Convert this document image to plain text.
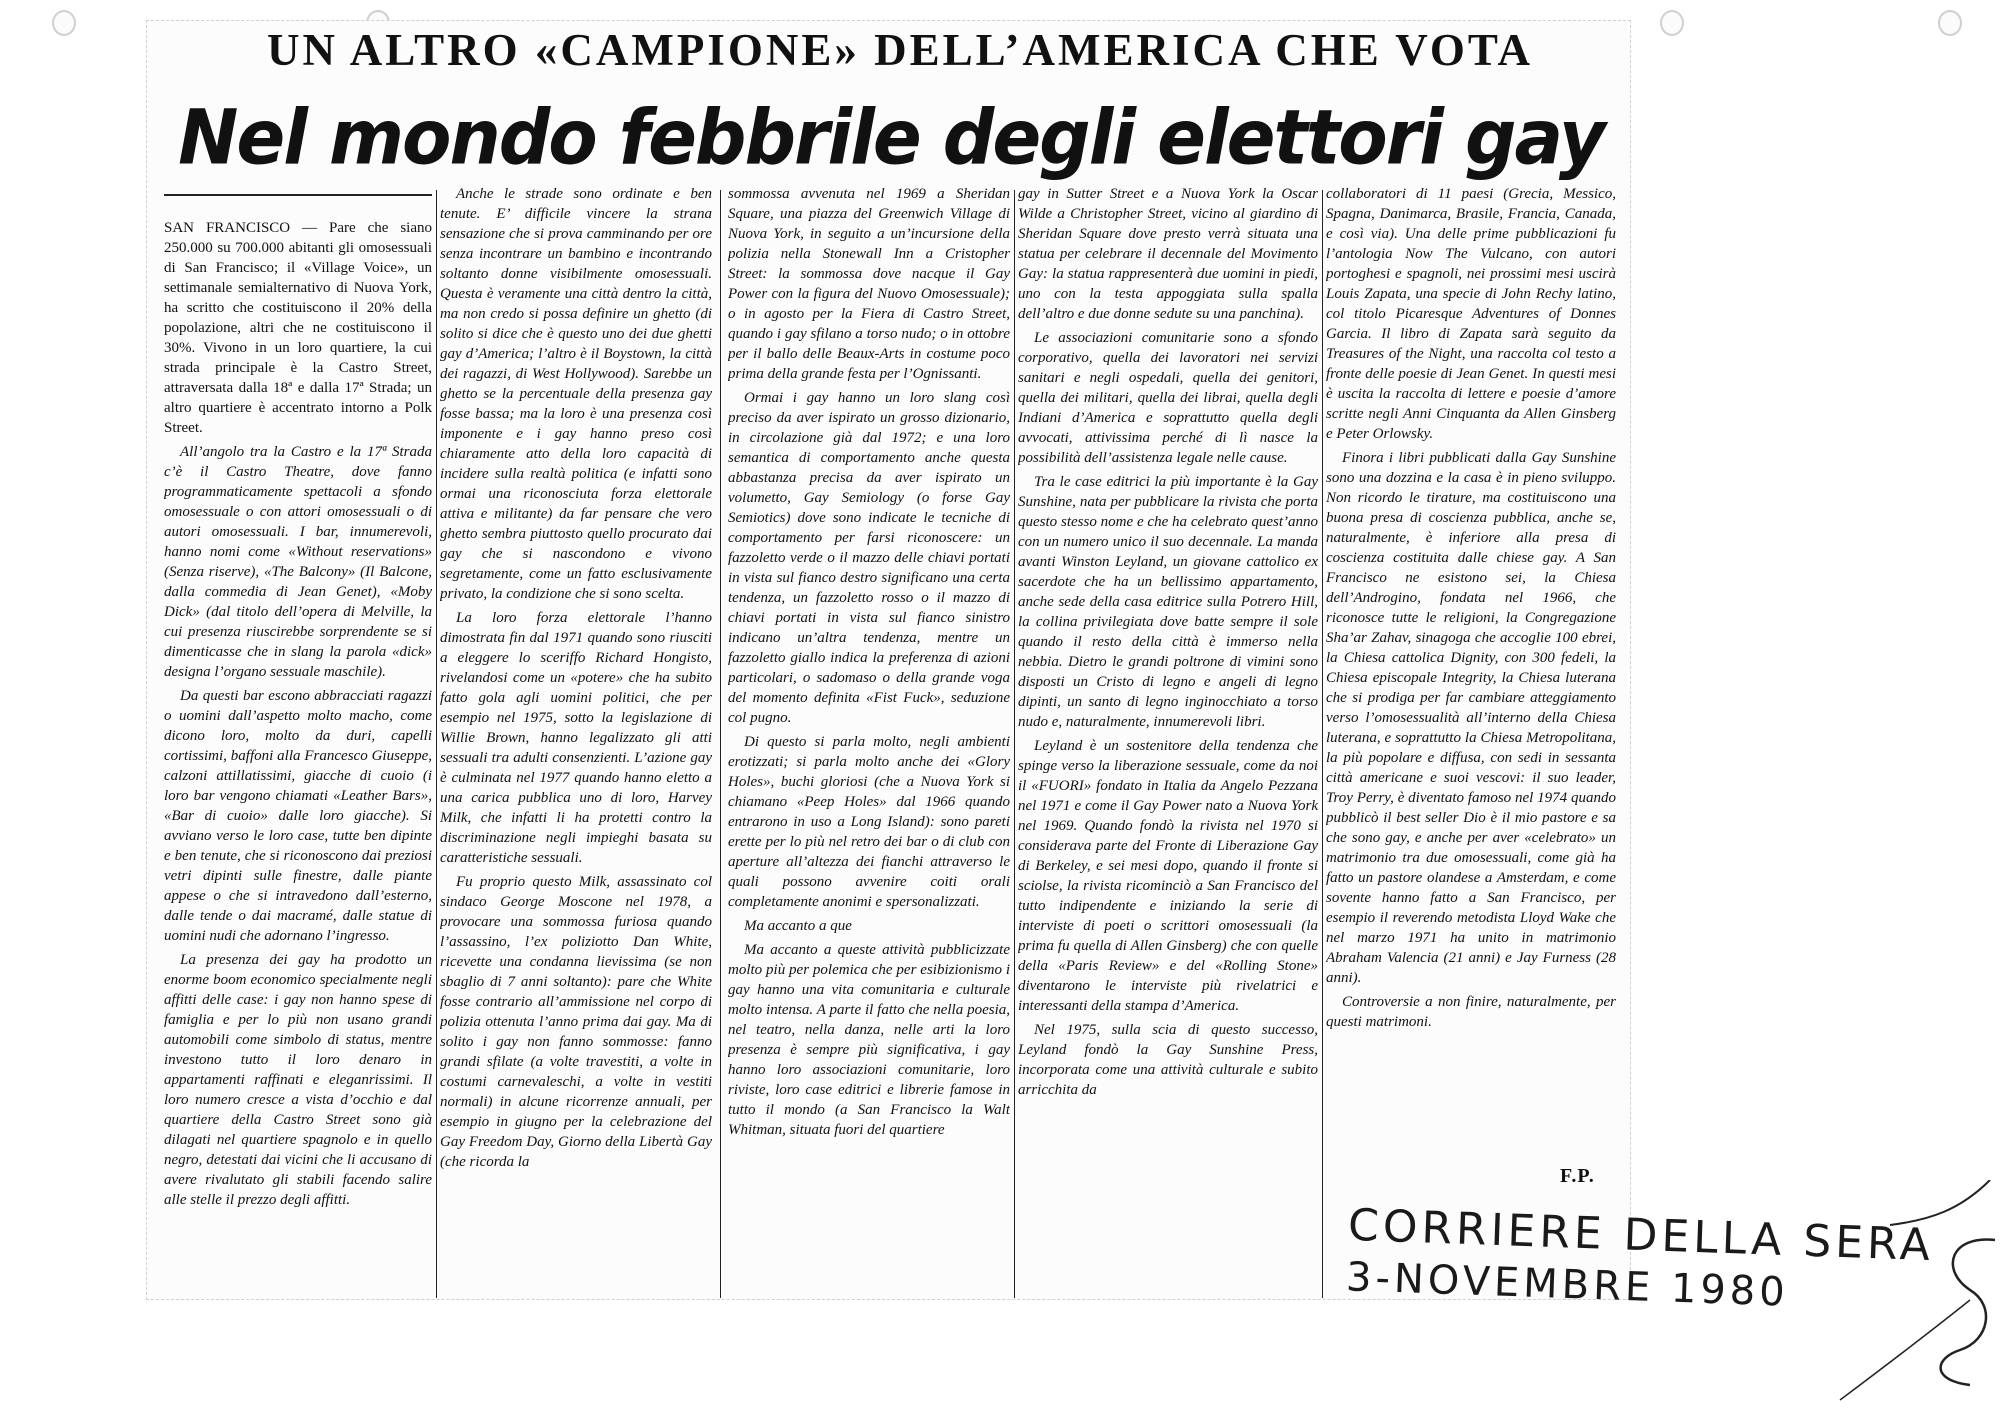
UN ALTRO «CAMPIONE» DELL’AMERICA CHE VOTA
Nel mondo febbrile degli elettori gay

SAN FRANCISCO — Pare che siano 250.000 su 700.000 abitanti gli omosessuali di San Francisco; il «Village Voice», un settimanale semialternativo di Nuova York, ha scritto che costituiscono il 20% della popolazione, altri che ne costituiscono il 30%. Vivono in un loro quartiere, la cui strada principale è la Castro Street, attraversata dalla 18ª e dalla 17ª Strada; un altro quartiere è accentrato intorno a Polk Street.

All’angolo tra la Castro e la 17ª Strada c’è il Castro Theatre, dove fanno programmaticamente spettacoli a sfondo omosessuale o con attori omosessuali o di autori omosessuali. I bar, innumerevoli, hanno nomi come «Without reservations» (Senza riserve), «The Balcony» (Il Balcone, dalla commedia di Jean Genet), «Moby Dick» (dal titolo dell’opera di Melville, la cui presenza riuscirebbe sorprendente se si dimenticasse che in slang la parola «dick» designa l’organo sessuale maschile).

Da questi bar escono abbracciati ragazzi o uomini dall’aspetto molto macho, come dicono loro, molto da duri, capelli cortissimi, baffoni alla Francesco Giuseppe, calzoni attillatissimi, giacche di cuoio (i loro bar vengono chiamati «Leather Bars», «Bar di cuoio» dalle loro giacche). Si avviano verso le loro case, tutte ben dipinte e ben tenute, che si riconoscono dai preziosi vetri dipinti sulle finestre, dalle piante appese o che si intravedono dall’esterno, dalle tende o dai macramé, dalle statue di uomini nudi che adornano l’ingresso.

La presenza dei gay ha prodotto un enorme boom economico specialmente negli affitti delle case: i gay non hanno spese di famiglia e per lo più non usano grandi automobili come simbolo di status, mentre investono tutto il loro denaro in appartamenti raffinati e eleganrissimi. Il loro numero cresce a vista d’occhio e dal quartiere della Castro Street sono già dilagati nel quartiere spagnolo e in quello negro, detestati dai vicini che li accusano di avere rivalutato gli stabili facendo salire alle stelle il prezzo degli affitti.

Anche le strade sono ordinate e ben tenute. E’ difficile vincere la strana sensazione che si prova camminando per ore senza incontrare un bambino e incontrando soltanto donne visibilmente omosessuali. Questa è veramente una città dentro la città, ma non credo si possa definire un ghetto (di solito si dice che è questo uno dei due ghetti gay d’America; l’altro è il Boystown, la città dei ragazzi, di West Hollywood). Sarebbe un ghetto se la percentuale della presenza gay fosse bassa; ma la loro è una presenza così imponente e i gay hanno preso così chiaramente atto della loro capacità di incidere sulla realtà politica (e infatti sono ormai una riconosciuta forza elettorale attiva e militante) da far pensare che vero ghetto sembra piuttosto quello procurato dai gay che si nascondono e vivono segretamente, come un fatto esclusivamente privato, la condizione che si sono scelta.

La loro forza elettorale l’hanno dimostrata fin dal 1971 quando sono riusciti a eleggere lo sceriffo Richard Hongisto, rivelandosi come un «potere» che ha subito fatto gola agli uomini politici, che per esempio nel 1975, sotto la legislazione di Willie Brown, hanno legalizzato gli atti sessuali tra adulti consenzienti. L’azione gay è culminata nel 1977 quando hanno eletto a una carica pubblica uno di loro, Harvey Milk, che infatti li ha protetti contro la discriminazione negli impieghi basata su caratteristiche sessuali.

Fu proprio questo Milk, assassinato col sindaco George Moscone nel 1978, a provocare una sommossa furiosa quando l’assassino, l’ex poliziotto Dan White, ricevette una condanna lievissima (se non sbaglio di 7 anni soltanto): pare che White fosse contrario all’ammissione nel corpo di polizia ottenuta l’anno prima dai gay. Ma di solito i gay non fanno sommosse: fanno grandi sfilate (a volte travestiti, a volte in costumi carnevaleschi, a volte in vestiti normali) in alcune ricorrenze annuali, per esempio in giugno per la celebrazione del Gay Freedom Day, Giorno della Libertà Gay (che ricorda la

sommossa avvenuta nel 1969 a Sheridan Square, una piazza del Greenwich Village di Nuova York, in seguito a un’incursione della polizia nella Stonewall Inn a Cristopher Street: la sommossa dove nacque il Gay Power con la figura del Nuovo Omosessuale); o in agosto per la Fiera di Castro Street, quando i gay sfilano a torso nudo; o in ottobre per il ballo delle Beaux-Arts in costume poco prima della grande festa per l’Ognissanti.

Ormai i gay hanno un loro slang così preciso da aver ispirato un grosso dizionario, in circolazione già dal 1972; e una loro semantica di comportamento anche questa abbastanza precisa da aver ispirato un volumetto, Gay Semiology (o forse Gay Semiotics) dove sono indicate le tecniche di comportamento per farsi riconoscere: un fazzoletto verde o il mazzo delle chiavi portati in vista sul fianco destro significano una certa tendenza, un fazzoletto rosso o il mazzo di chiavi portati in vista sul fianco sinistro indicano un’altra tendenza, mentre un fazzoletto giallo indica la preferenza di azioni particolari, o sadomaso o della grande voga del momento definita «Fist Fuck», seduzione col pugno.

Di questo si parla molto, negli ambienti erotizzati; si parla molto anche dei «Glory Holes», buchi gloriosi (che a Nuova York si chiamano «Peep Holes» dal 1966 quando entrarono in uso a Long Island): sono pareti erette per lo più nel retro dei bar o di club con aperture all’altezza dei fianchi attraverso le quali possono avvenire coiti orali completamente anonimi e spersonalizzati.

Ma accanto a que

Ma accanto a queste attività pubblicizzate molto più per polemica che per esibizionismo i gay hanno una vita comunitaria e culturale molto intensa. A parte il fatto che nella poesia, nel teatro, nella danza, nelle arti la loro presenza è sempre più significativa, i gay hanno loro associazioni comunitarie, loro riviste, loro case editrici e librerie famose in tutto il mondo (a San Francisco la Walt Whitman, situata fuori del quartiere

gay in Sutter Street e a Nuova York la Oscar Wilde a Christopher Street, vicino al giardino di Sheridan Square dove presto verrà situata una statua per celebrare il decennale del Movimento Gay: la statua rappresenterà due uomini in piedi, uno con la testa appoggiata sulla spalla dell’altro e due donne sedute su una panchina).

Le associazioni comunitarie sono a sfondo corporativo, quella dei lavoratori nei servizi sanitari e negli ospedali, quella dei genitori, quella dei militari, quella dei librai, quella degli Indiani d’America e soprattutto quella degli avvocati, attivissima perché di lì nasce la possibilità dell’assistenza legale nelle cause.

Tra le case editrici la più importante è la Gay Sunshine, nata per pubblicare la rivista che porta questo stesso nome e che ha celebrato quest’anno con un numero unico il suo decennale. La manda avanti Winston Leyland, un giovane cattolico ex sacerdote che ha un bellissimo appartamento, anche sede della casa editrice sulla Potrero Hill, la collina privilegiata dove batte sempre il sole quando il resto della città è immerso nella nebbia. Dietro le grandi poltrone di vimini sono disposti un Cristo di legno e angeli di legno dipinti, un santo di legno inginocchiato a torso nudo e, naturalmente, innumerevoli libri.

Leyland è un sostenitore della tendenza che spinge verso la liberazione sessuale, come da noi il «FUORI» fondato in Italia da Angelo Pezzana nel 1971 e come il Gay Power nato a Nuova York nel 1969. Quando fondò la rivista nel 1970 si considerava parte del Fronte di Liberazione Gay di Berkeley, e sei mesi dopo, quando il fronte si sciolse, la rivista ricominciò a San Francisco del tutto indipendente e iniziando la serie di interviste di poeti o scrittori omosessuali (la prima fu quella di Allen Ginsberg) che con quelle della «Paris Review» e del «Rolling Stone» diventarono le interviste più rivelatrici e interessanti della stampa d’America.

Nel 1975, sulla scia di questo successo, Leyland fondò la Gay Sunshine Press, incorporata come una attività culturale e subito arricchita da

collaboratori di 11 paesi (Grecia, Messico, Spagna, Danimarca, Brasile, Francia, Canada, e così via). Una delle prime pubblicazioni fu l’antologia Now The Vulcano, con autori portoghesi e spagnoli, nei prossimi mesi uscirà Louis Zapata, una specie di John Rechy latino, col titolo Picaresque Adventures of Donnes Garcia. Il libro di Zapata sarà seguito da Treasures of the Night, una raccolta col testo a fronte delle poesie di Jean Genet. In questi mesi è uscita la raccolta di lettere e poesie d’amore scritte negli Anni Cinquanta da Allen Ginsberg e Peter Orlowsky.

Finora i libri pubblicati dalla Gay Sunshine sono una dozzina e la casa è in pieno sviluppo. Non ricordo le tirature, ma costituiscono una buona presa di coscienza pubblica, anche se, naturalmente, è inferiore alla presa di coscienza costituita dalle chiese gay. A San Francisco ne esistono sei, la Chiesa dell’Androgino, fondata nel 1966, che riconosce tutte le religioni, la Congregazione Sha’ar Zahav, sinagoga che accoglie 100 ebrei, la Chiesa cattolica Dignity, con 300 fedeli, la Chiesa episcopale Integrity, la Chiesa luterana che si prodiga per far cambiare atteggiamento verso l’omosessualità all’interno della Chiesa luterana, e soprattutto la Chiesa Metropolitana, la più popolare e diffusa, con sedi in sessanta città americane e suoi vescovi: il suo leader, Troy Perry, è diventato famoso nel 1974 quando pubblicò il best seller Dio è il mio pastore e sa che sono gay, e anche per aver «celebrato» un matrimonio tra due omosessuali, come già ha fatto un pastore olandese a Amsterdam, e come sovente hanno fatto a San Francisco, per esempio il reverendo metodista Lloyd Wake che nel marzo 1971 ha unito in matrimonio Abraham Valencia (21 anni) e Jay Furness (28 anni).

Controversie a non finire, naturalmente, per questi matrimoni.

F.P.
CORRIERE DELLA SERA
3-NOVEMBRE 1980
